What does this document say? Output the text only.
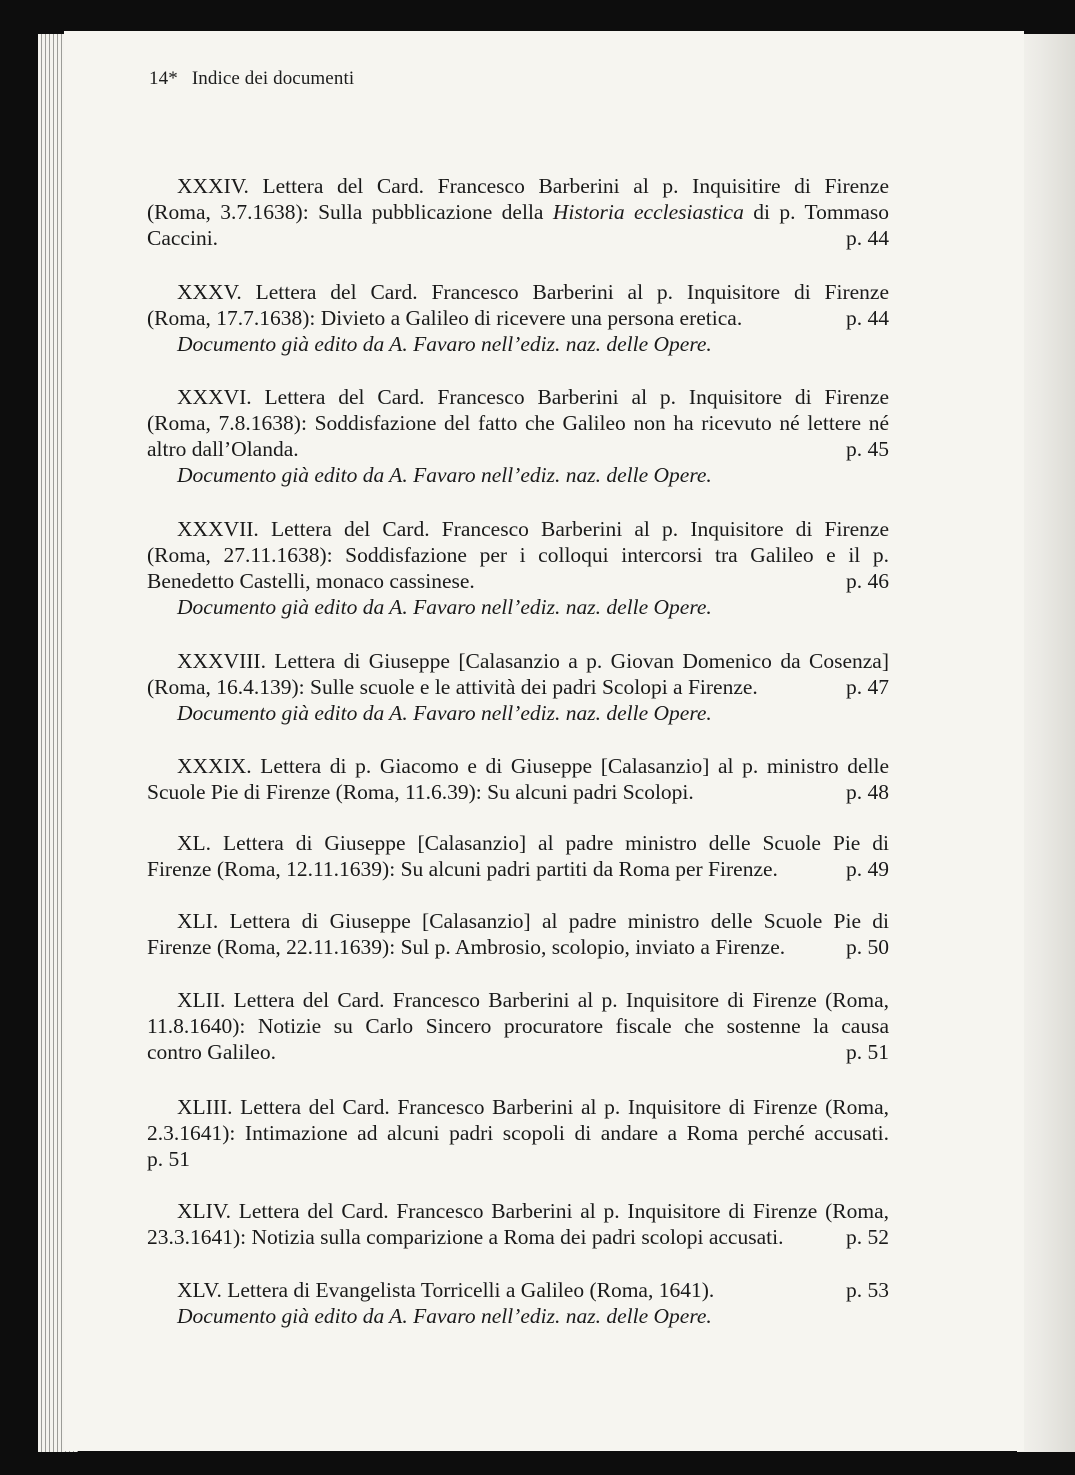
14* Indice dei documenti
XXXIV. Lettera del Card. Francesco Barberini al p. Inquisitire di Firenze
(Roma, 3.7.1638): Sulla pubblicazione della Historia ecclesiastica di p. Tommaso
Caccini.	p. 44
XXXV. Lettera del Card. Francesco Barberini al p. Inquisitore di Firenze
(Roma, 17.7.1638): Divieto a Galileo di ricevere una persona eretica.	p. 44
Documento già edito da A. Favaro nell’ediz. naz. delle Opere.
XXXVI. Lettera del Card. Francesco Barberini al p. Inquisitore di Firenze
(Roma, 7.8.1638): Soddisfazione del fatto che Galileo non ha ricevuto né lettere né
altro dall’Olanda.	p. 45
Documento già edito da A. Favaro nell’ediz. naz. delle Opere.
XXXVII. Lettera del Card. Francesco Barberini al p. Inquisitore di Firenze
(Roma, 27.11.1638): Soddisfazione per i colloqui intercorsi tra Galileo e il p.
Benedetto Castelli, monaco cassinese.	p. 46
Documento già edito da A. Favaro nell’ediz. naz. delle Opere.
XXXVIII. Lettera di Giuseppe [Calasanzio a p. Giovan Domenico da Cosenza]
(Roma, 16.4.139): Sulle scuole e le attività dei padri Scolopi a Firenze.	p. 47
Documento già edito da A. Favaro nell’ediz. naz. delle Opere.
XXXIX. Lettera di p. Giacomo e di Giuseppe [Calasanzio] al p. ministro delle
Scuole Pie di Firenze (Roma, 11.6.39): Su alcuni padri Scolopi.	p. 48
XL. Lettera di Giuseppe [Calasanzio] al padre ministro delle Scuole Pie di
Firenze (Roma, 12.11.1639): Su alcuni padri partiti da Roma per Firenze.	p. 49
XLI. Lettera di Giuseppe [Calasanzio] al padre ministro delle Scuole Pie di
Firenze (Roma, 22.11.1639): Sul p. Ambrosio, scolopio, inviato a Firenze.	p. 50
XLII. Lettera del Card. Francesco Barberini al p. Inquisitore di Firenze (Roma,
11.8.1640): Notizie su Carlo Sincero procuratore fiscale che sostenne la causa
contro Galileo.	p. 51
XLIII. Lettera del Card. Francesco Barberini al p. Inquisitore di Firenze (Roma,
2.3.1641): Intimazione ad alcuni padri scopoli di andare a Roma perché accusati.
p. 51
XLIV. Lettera del Card. Francesco Barberini al p. Inquisitore di Firenze (Roma,
23.3.1641): Notizia sulla comparizione a Roma dei padri scolopi accusati.	p. 52
XLV. Lettera di Evangelista Torricelli a Galileo (Roma, 1641).	p. 53
Documento già edito da A. Favaro nell’ediz. naz. delle Opere.
